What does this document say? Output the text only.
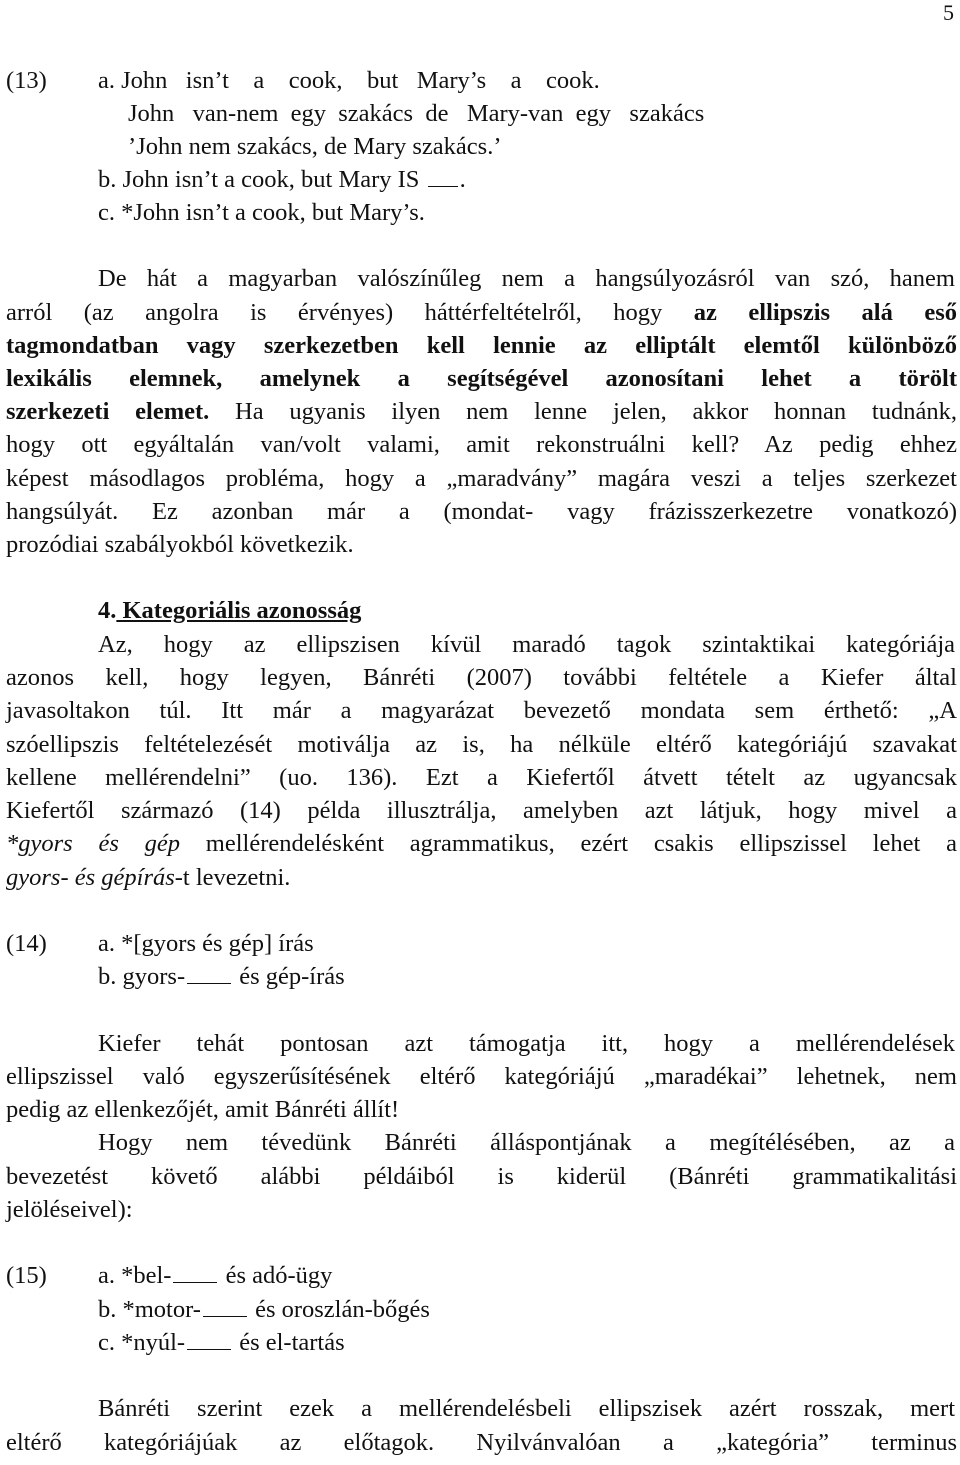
5
(13) a. John   isn’t    a    cook,    but   Mary’s    a    cook.
John   van-nem  egy  szakács  de   Mary-van  egy   szakács
’John nem szakács, de Mary szakács.’
b. John isn’t a cook, but Mary IS .
c. *John isn’t a cook, but Mary’s.
De hát a magyarban valószínűleg nem a hangsúlyozásról van szó, hanem
arról (az angolra is érvényes) háttérfeltételről, hogy az ellipszis alá eső
tagmondatban vagy szerkezetben kell lennie az elliptált elemtől különböző
lexikális elemnek, amelynek a segítségével azonosítani lehet a törölt
szerkezeti elemet. Ha ugyanis ilyen nem lenne jelen, akkor honnan tudnánk,
hogy ott egyáltalán van/volt valami, amit rekonstruálni kell? Az pedig ehhez
képest másodlagos probléma, hogy a „maradvány” magára veszi a teljes szerkezet
hangsúlyát. Ez azonban már a (mondat- vagy frázisszerkezetre vonatkozó)
prozódiai szabályokból következik.
4. Kategoriális azonosság
Az, hogy az ellipszisen kívül maradó tagok szintaktikai kategóriája
azonos kell, hogy legyen, Bánréti (2007) további feltétele a Kiefer által
javasoltakon túl. Itt már a magyarázat bevezető mondata sem érthető: „A
szóellipszis feltételezését motiválja az is, ha nélküle eltérő kategóriájú szavakat
kellene mellérendelni” (uo. 136). Ezt a Kiefertől átvett tételt az ugyancsak
Kiefertől származó (14) példa illusztrálja, amelyben azt látjuk, hogy mivel a
*gyors és gép mellérendelésként agrammatikus, ezért csakis ellipszissel lehet a
gyors- és gépírás-t levezetni.
(14) a. *[gyors és gép] írás
b. gyors- és gép-írás
Kiefer tehát pontosan azt támogatja itt, hogy a mellérendelések
ellipszissel való egyszerűsítésének eltérő kategóriájú „maradékai” lehetnek, nem
pedig az ellenkezőjét, amit Bánréti állít!
Hogy nem tévedünk Bánréti álláspontjának a megítélésében, az a
bevezetést követő alábbi példáiból is kiderül (Bánréti grammatikalitási
jelöléseivel):
(15) a. *bel- és adó-ügy
b. *motor- és oroszlán-bőgés
c. *nyúl- és el-tartás
Bánréti szerint ezek a mellérendelésbeli ellipszisek azért rosszak, mert
eltérő kategóriájúak az előtagok. Nyilvánvalóan a „kategória” terminus
